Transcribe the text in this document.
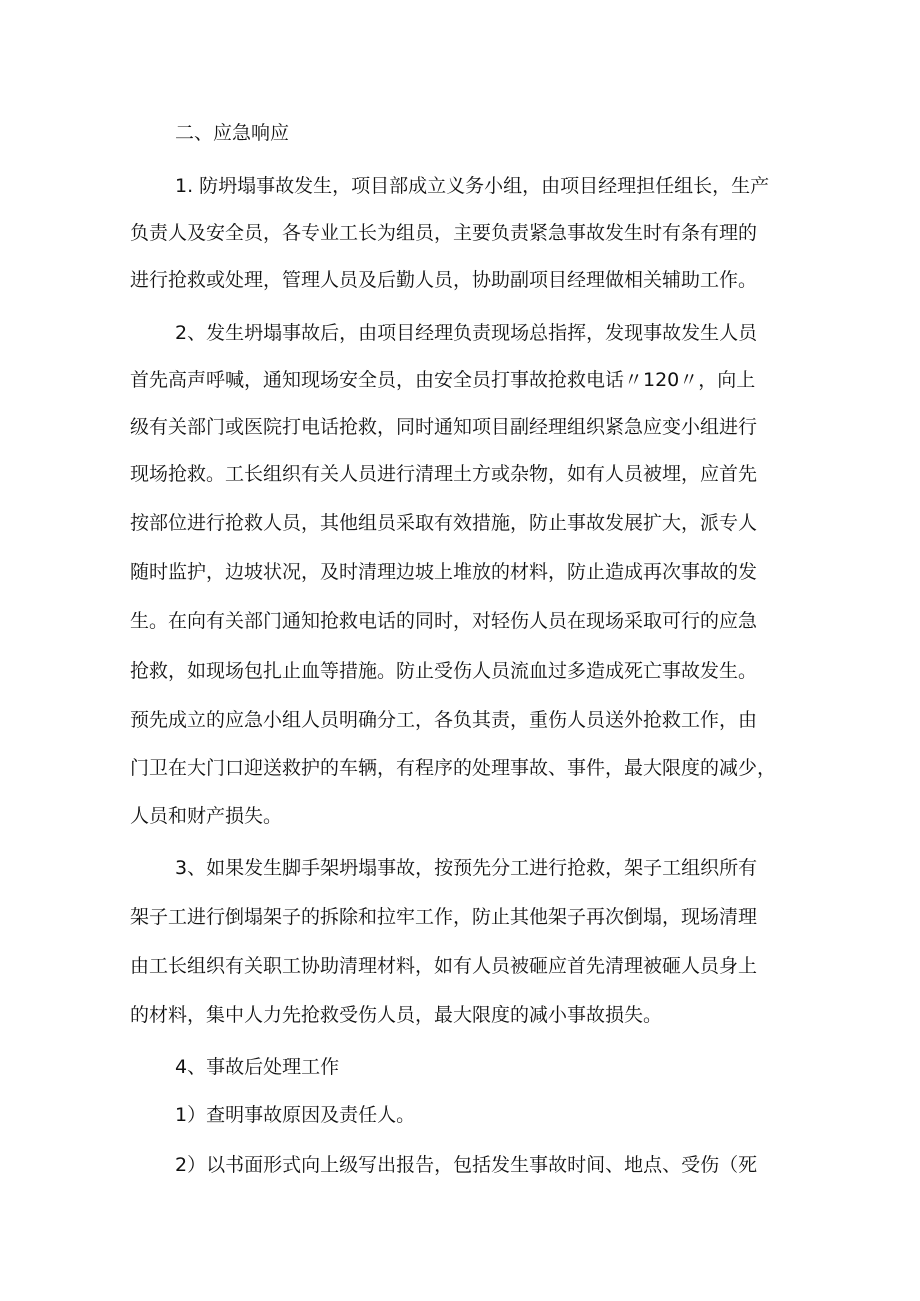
二、应急响应
1. 防坍塌事故发生，项目部成立义务小组，由项目经理担任组长，生产
负责人及安全员，各专业工长为组员，主要负责紧急事故发生时有条有理的
进行抢救或处理，管理人员及后勤人员，协助副项目经理做相关辅助工作。
2、发生坍塌事故后，由项目经理负责现场总指挥，发现事故发生人员
首先高声呼喊，通知现场安全员，由安全员打事故抢救电话〃120〃，向上
级有关部门或医院打电话抢救，同时通知项目副经理组织紧急应变小组进行
现场抢救。工长组织有关人员进行清理土方或杂物，如有人员被埋，应首先
按部位进行抢救人员，其他组员采取有效措施，防止事故发展扩大，派专人
随时监护，边坡状况，及时清理边坡上堆放的材料，防止造成再次事故的发
生。在向有关部门通知抢救电话的同时，对轻伤人员在现场采取可行的应急
抢救，如现场包扎止血等措施。防止受伤人员流血过多造成死亡事故发生。
预先成立的应急小组人员明确分工，各负其责，重伤人员送外抢救工作，由
门卫在大门口迎送救护的车辆，有程序的处理事故、事件，最大限度的减少，
人员和财产损失。
3、如果发生脚手架坍塌事故，按预先分工进行抢救，架子工组织所有
架子工进行倒塌架子的拆除和拉牢工作，防止其他架子再次倒塌，现场清理
由工长组织有关职工协助清理材料，如有人员被砸应首先清理被砸人员身上
的材料，集中人力先抢救受伤人员，最大限度的减小事故损失。
4、事故后处理工作
1）查明事故原因及责任人。
2）以书面形式向上级写出报告，包括发生事故时间、地点、受伤（死
